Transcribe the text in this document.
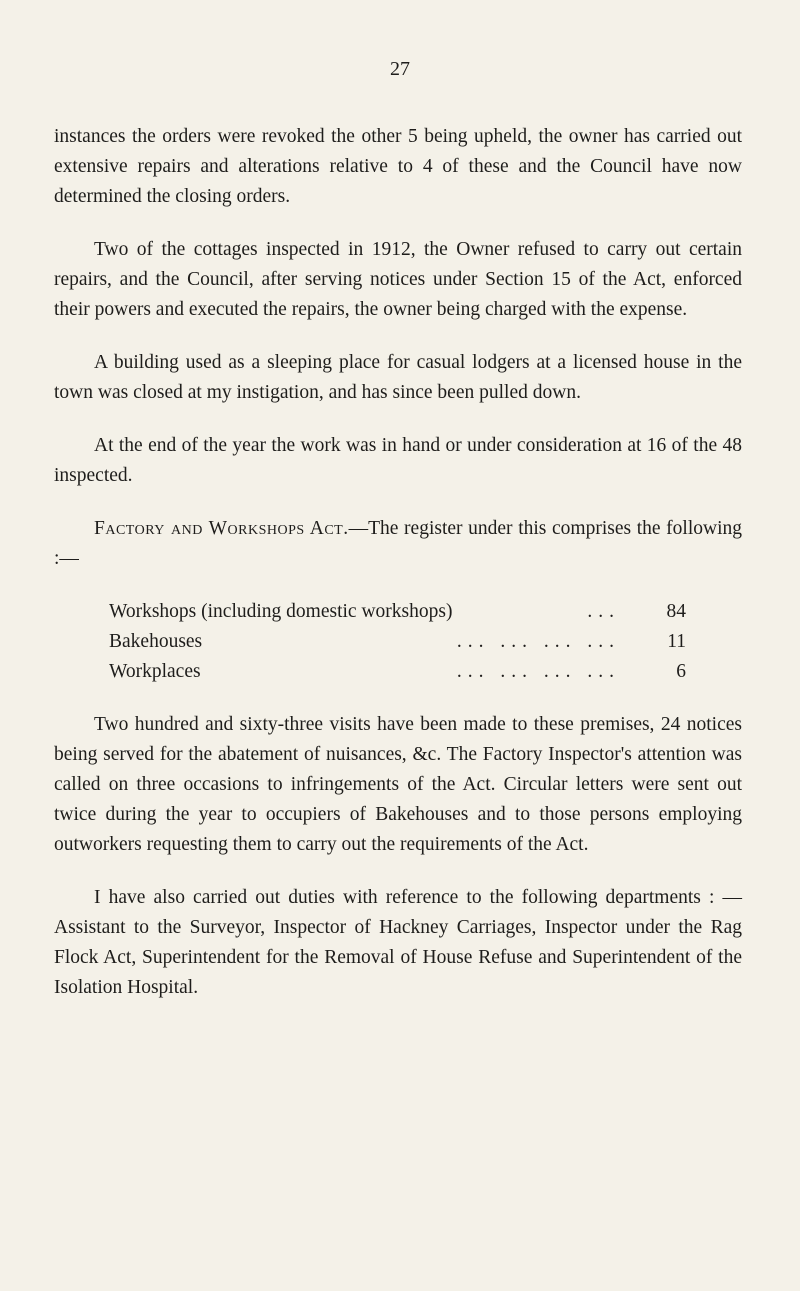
27

instances the orders were revoked the other 5 being upheld, the owner has carried out extensive repairs and alterations relative to 4 of these and the Council have now determined the closing orders.

Two of the cottages inspected in 1912, the Owner refused to carry out certain repairs, and the Council, after serving notices under Section 15 of the Act, enforced their powers and executed the repairs, the owner being charged with the expense.

A building used as a sleeping place for casual lodgers at a licensed house in the town was closed at my instigation, and has since been pulled down.

At the end of the year the work was in hand or under consideration at 16 of the 48 inspected.

Factory and Workshops Act.—The register under this comprises the following :—

Workshops (including domestic workshops)	...	84
Bakehouses	... ... ... ...	11
Workplaces	... ... ... ...	6

Two hundred and sixty-three visits have been made to these premises, 24 notices being served for the abatement of nuisances, &c. The Factory Inspector's attention was called on three occasions to infringements of the Act. Circular letters were sent out twice during the year to occupiers of Bakehouses and to those persons employing outworkers requesting them to carry out the requirements of the Act.

I have also carried out duties with reference to the following departments : — Assistant to the Surveyor, Inspector of Hackney Carriages, Inspector under the Rag Flock Act, Superintendent for the Removal of House Refuse and Superintendent of the Isolation Hospital.
